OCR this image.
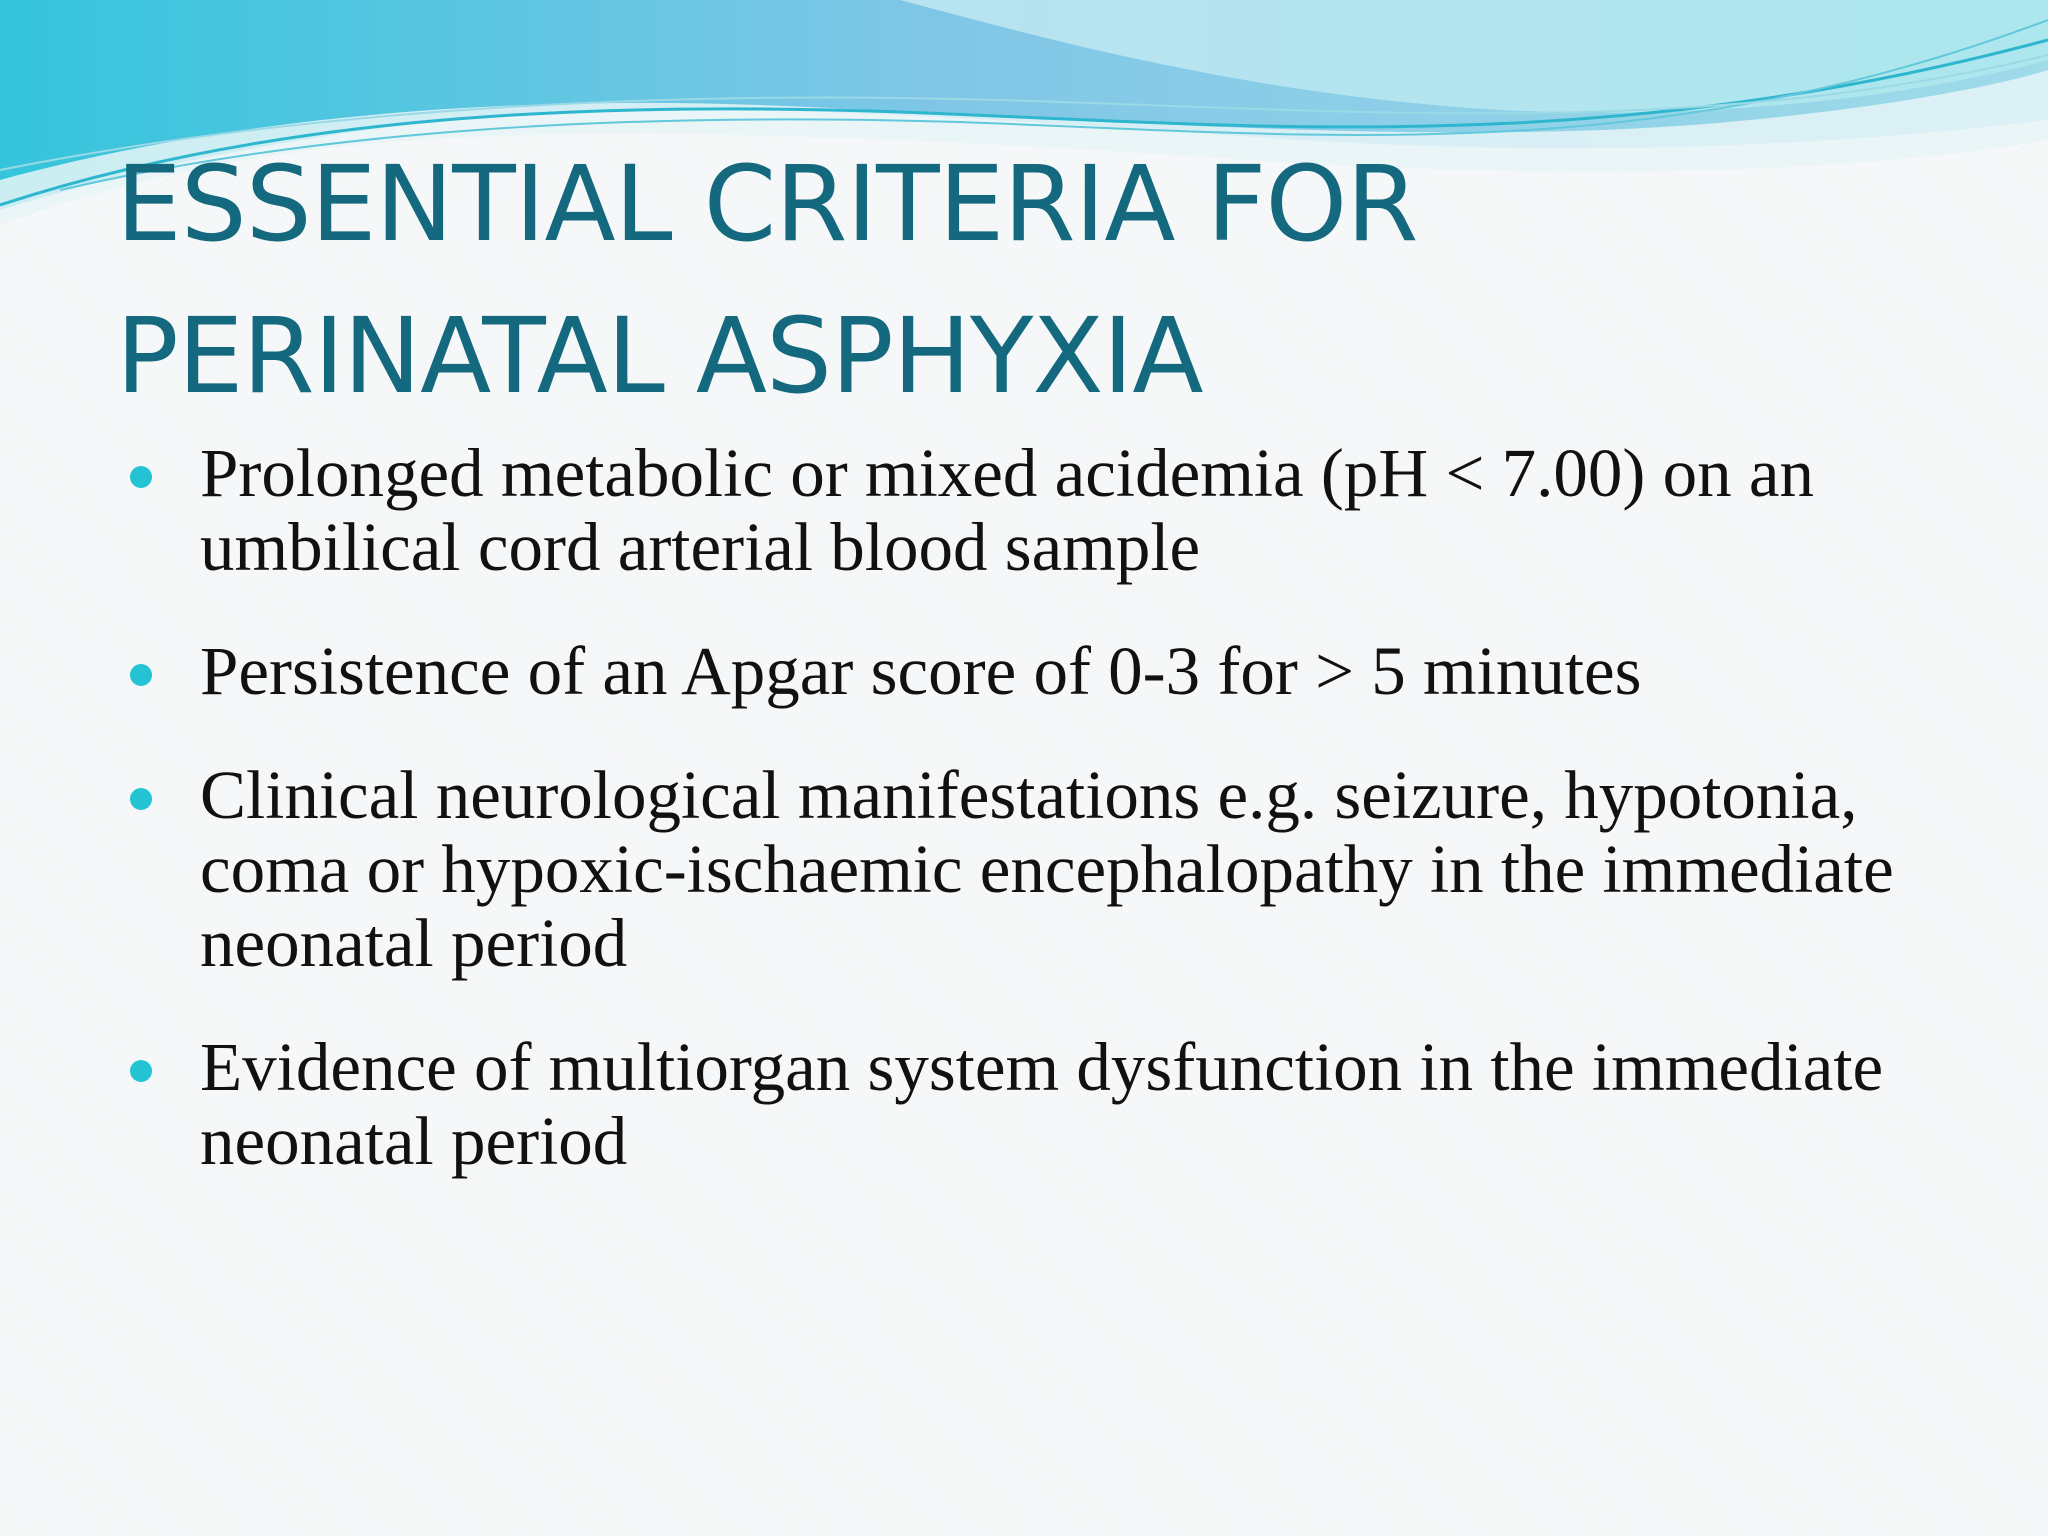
ESSENTIAL CRITERIA FOR
PERINATAL ASPHYXIA
Prolonged metabolic or mixed acidemia (pH < 7.00) on an umbilical cord arterial blood sample
Persistence of an Apgar score of 0-3 for > 5 minutes
Clinical neurological manifestations e.g. seizure, hypotonia, coma or hypoxic-ischaemic encephalopathy in the immediate neonatal period
Evidence of multiorgan system dysfunction in the immediate neonatal period
